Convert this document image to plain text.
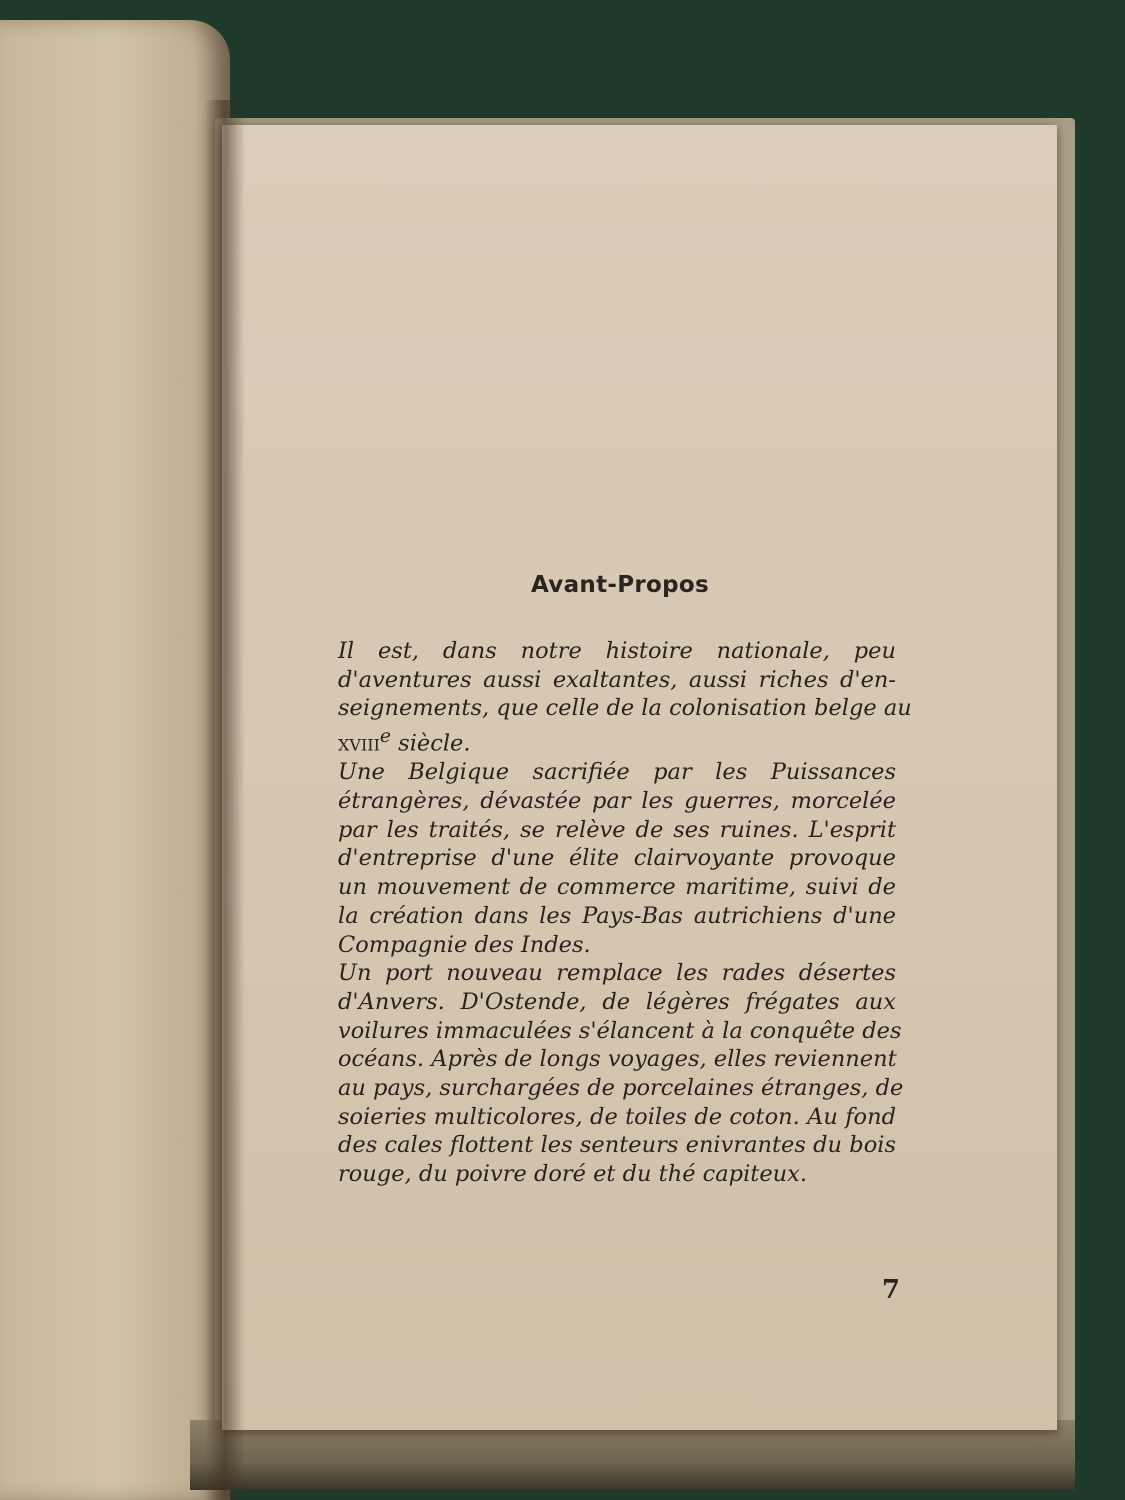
Avant-Propos

Il est, dans notre histoire nationale, peu
d'aventures aussi exaltantes, aussi riches d'en-
seignements, que celle de la colonisation belge au
xviii$^e$ siècle.

Une Belgique sacrifiée par les Puissances
étrangères, dévastée par les guerres, morcelée
par les traités, se relève de ses ruines. L'esprit
d'entreprise d'une élite clairvoyante provoque
un mouvement de commerce maritime, suivi de
la création dans les Pays-Bas autrichiens d'une
Compagnie des Indes.

Un port nouveau remplace les rades désertes
d'Anvers. D'Ostende, de légères frégates aux
voilures immaculées s'élancent à la conquête des
océans. Après de longs voyages, elles reviennent
au pays, surchargées de porcelaines étranges, de
soieries multicolores, de toiles de coton. Au fond
des cales flottent les senteurs enivrantes du bois
rouge, du poivre doré et du thé capiteux.

7
